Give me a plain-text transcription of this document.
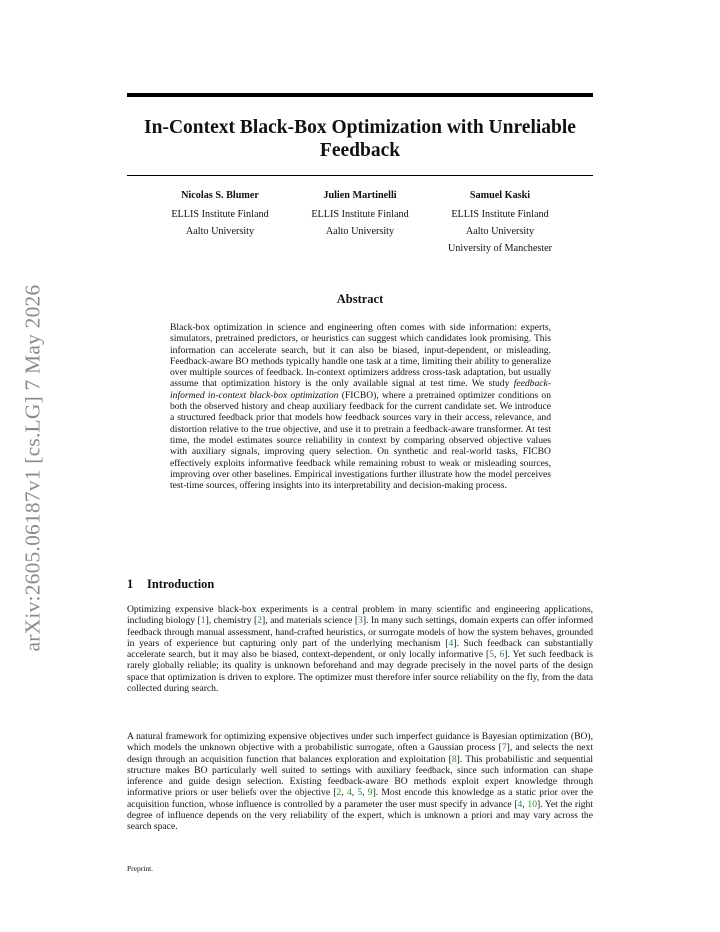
arXiv:2605.06187v1 [cs.LG] 7 May 2026
In-Context Black-Box Optimization with Unreliable Feedback
Nicolas S. Blumer
ELLIS Institute Finland
Aalto University
Julien Martinelli
ELLIS Institute Finland
Aalto University
Samuel Kaski
ELLIS Institute Finland
Aalto University
University of Manchester
Abstract
Black-box optimization in science and engineering often comes with side information: experts, simulators, pretrained predictors, or heuristics can suggest which candidates look promising. This information can accelerate search, but it can also be biased, input-dependent, or misleading. Feedback-aware BO methods typically handle one task at a time, limiting their ability to generalize over multiple sources of feedback. In-context optimizers address cross-task adaptation, but usually assume that optimization history is the only available signal at test time. We study feedback-informed in-context black-box optimization (FICBO), where a pretrained optimizer conditions on both the observed history and cheap auxiliary feedback for the current candidate set. We introduce a structured feedback prior that models how feedback sources vary in their access, relevance, and distortion relative to the true objective, and use it to pretrain a feedback-aware transformer. At test time, the model estimates source reliability in context by comparing observed objective values with auxiliary signals, improving query selection. On synthetic and real-world tasks, FICBO effectively exploits informative feedback while remaining robust to weak or misleading sources, improving over other baselines. Empirical investigations further illustrate how the model perceives test-time sources, offering insights into its interpretability and decision-making process.
1 Introduction
Optimizing expensive black-box experiments is a central problem in many scientific and engineering applications, including biology [1], chemistry [2], and materials science [3]. In many such settings, domain experts can offer informed feedback through manual assessment, hand-crafted heuristics, or surrogate models of how the system behaves, grounded in years of experience but capturing only part of the underlying mechanism [4]. Such feedback can substantially accelerate search, but it may also be biased, context-dependent, or only locally informative [5, 6]. Yet such feedback is rarely globally reliable; its quality is unknown beforehand and may degrade precisely in the novel parts of the design space that optimization is driven to explore. The optimizer must therefore infer source reliability on the fly, from the data collected during search.
A natural framework for optimizing expensive objectives under such imperfect guidance is Bayesian optimization (BO), which models the unknown objective with a probabilistic surrogate, often a Gaussian process [7], and selects the next design through an acquisition function that balances exploration and exploitation [8]. This probabilistic and sequential structure makes BO particularly well suited to settings with auxiliary feedback, since such information can shape inference and guide design selection. Existing feedback-aware BO methods exploit expert knowledge through informative priors or user beliefs over the objective [2, 4, 5, 9]. Most encode this knowledge as a static prior over the acquisition function, whose influence is controlled by a parameter the user must specify in advance [4, 10]. Yet the right degree of influence depends on the very reliability of the expert, which is unknown a priori and may vary across the search space.
Preprint.
